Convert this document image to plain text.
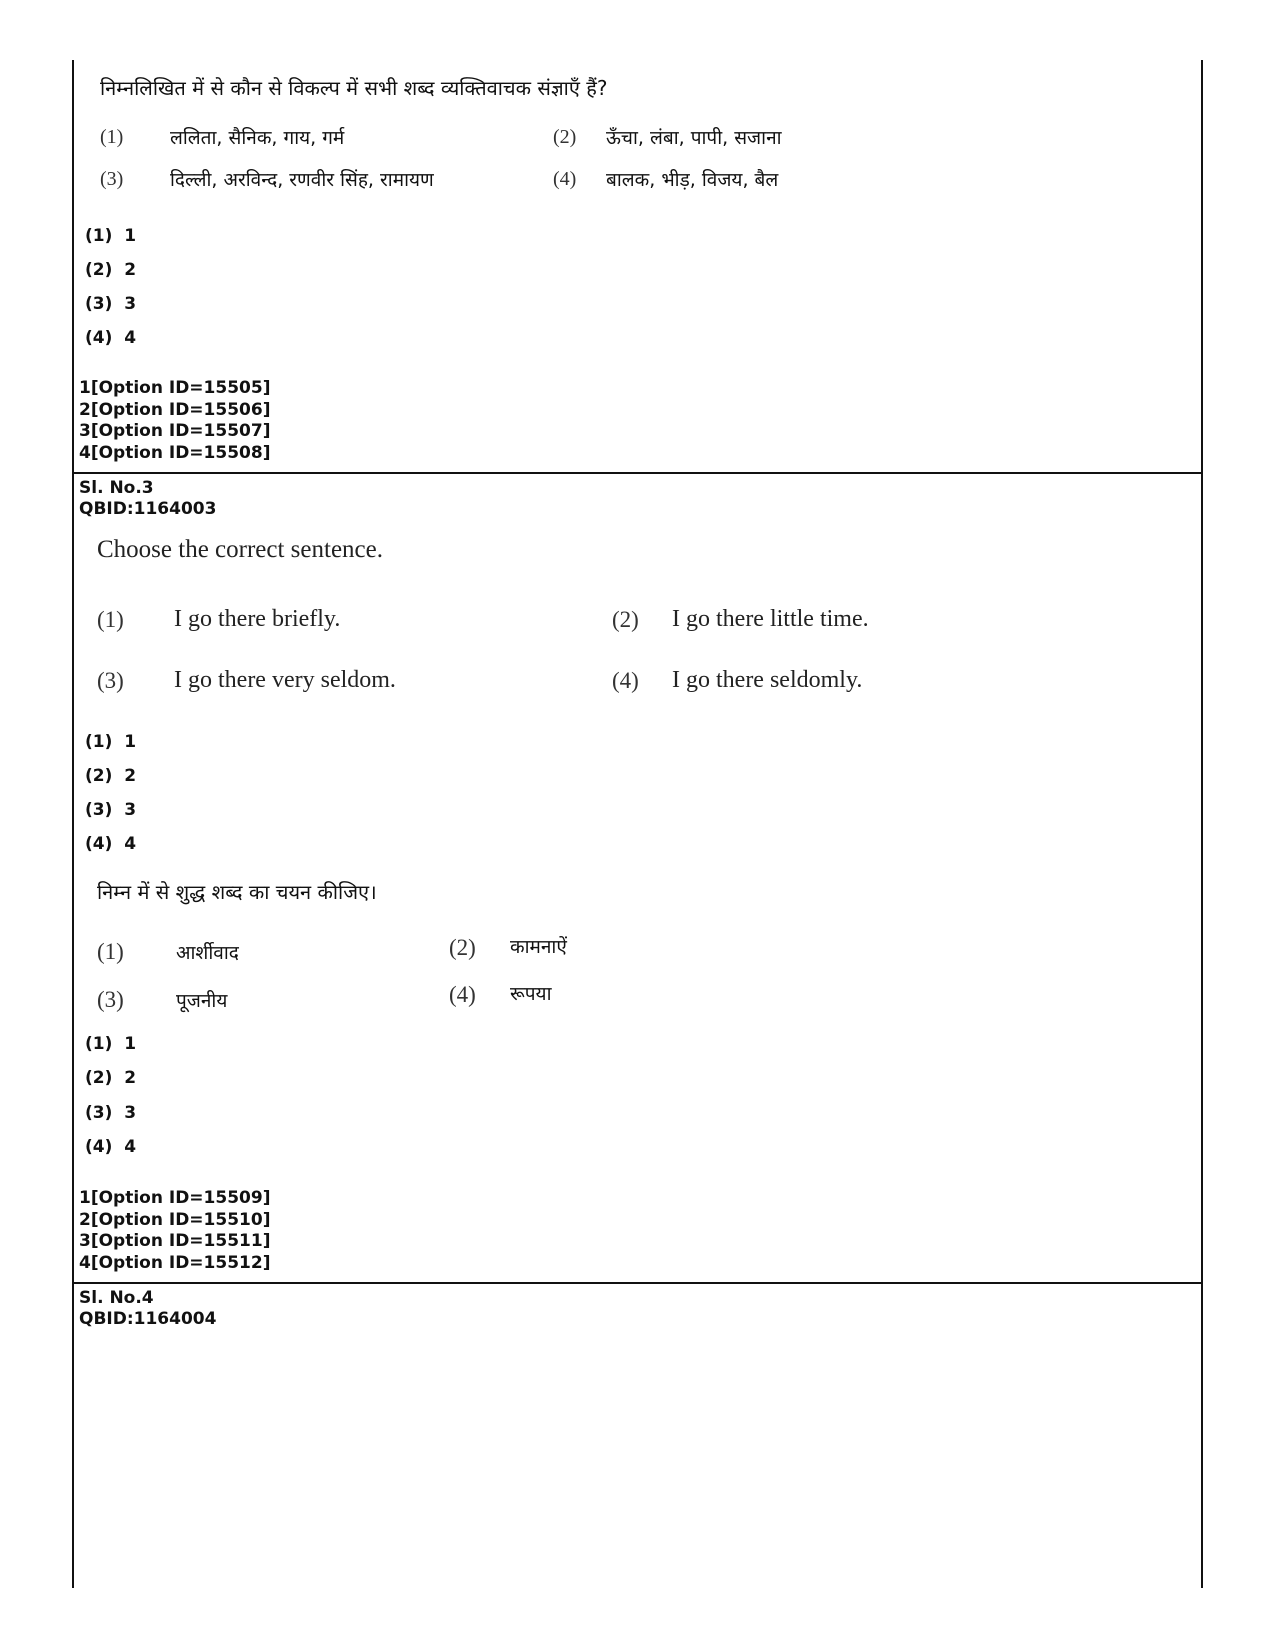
निम्नलिखित में से कौन से विकल्प में सभी शब्द व्यक्तिवाचक संज्ञाएँ हैं?
(1) ललिता, सैनिक, गाय, गर्म	(2) ऊँचा, लंबा, पापी, सजाना
(3) दिल्ली, अरविन्द, रणवीर सिंह, रामायण	(4) बालक, भीड़, विजय, बैल
(1) 1
(2) 2
(3) 3
(4) 4
1[Option ID=15505]
2[Option ID=15506]
3[Option ID=15507]
4[Option ID=15508]
Sl. No.3
QBID:1164003
Choose the correct sentence.
(1) I go there briefly.	(2) I go there little time.
(3) I go there very seldom.	(4) I go there seldomly.
(1) 1
(2) 2
(3) 3
(4) 4
निम्न में से शुद्ध शब्द का चयन कीजिए।
(1)	आर्शीवाद	(2) कामनाऐं
(3)	पूजनीय	(4) रूपया
(1) 1
(2) 2
(3) 3
(4) 4
1[Option ID=15509]
2[Option ID=15510]
3[Option ID=15511]
4[Option ID=15512]
Sl. No.4
QBID:1164004
